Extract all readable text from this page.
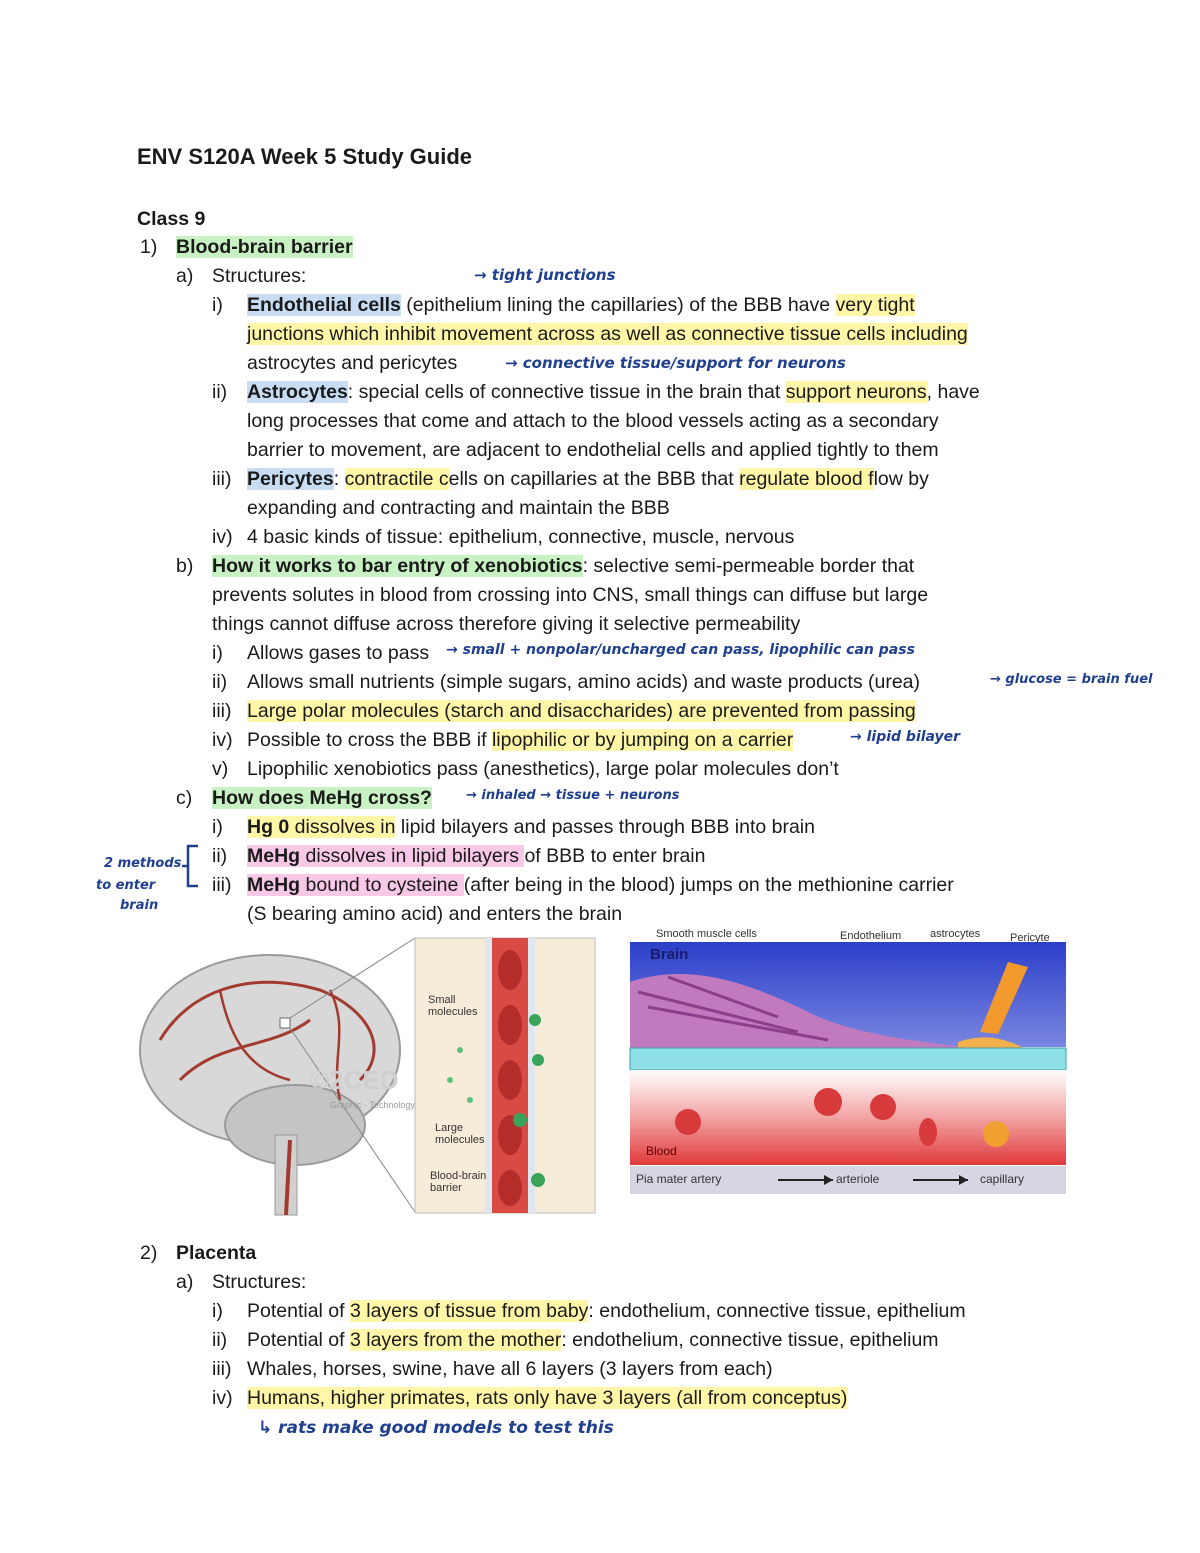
ENV S120A Week 5 Study Guide
Class 9
1) Blood-brain barrier
a) Structures:
i) Endothelial cells (epithelium lining the capillaries) of the BBB have very tight
junctions which inhibit movement across as well as connective tissue cells including
astrocytes and pericytes
ii) Astrocytes: special cells of connective tissue in the brain that support neurons, have
long processes that come and attach to the blood vessels acting as a secondary
barrier to movement, are adjacent to endothelial cells and applied tightly to them
iii) Pericytes: contractile cells on capillaries at the BBB that regulate blood flow by
expanding and contracting and maintain the BBB
iv) 4 basic kinds of tissue: epithelium, connective, muscle, nervous
b) How it works to bar entry of xenobiotics: selective semi-permeable border that
prevents solutes in blood from crossing into CNS, small things can diffuse but large
things cannot diffuse across therefore giving it selective permeability
i) Allows gases to pass
ii) Allows small nutrients (simple sugars, amino acids) and waste products (urea)
iii) Large polar molecules (starch and disaccharides) are prevented from passing
iv) Possible to cross the BBB if lipophilic or by jumping on a carrier
v) Lipophilic xenobiotics pass (anesthetics), large polar molecules don’t
c) How does MeHg cross?
i) Hg 0 dissolves in lipid bilayers and passes through BBB into brain
ii) MeHg dissolves in lipid bilayers of BBB to enter brain
iii) MeHg bound to cysteine (after being in the blood) jumps on the methionine carrier
(S bearing amino acid) and enters the brain
→ tight junctions
→ connective tissue/support for neurons
→ small + nonpolar/uncharged can pass, lipophilic can pass
→ glucose = brain fuel
→ lipid bilayer
→ inhaled → tissue + neurons
2 methods
to enter
brain
Small molecules
Large molecules
Blood-brain barrier
©2CED
Graphic · Technology
Smooth muscle cells
Brain
Endothelium	astrocytes	Pericyte
Blood
Pia mater artery	arteriole	capillary
2) Placenta
a) Structures:
i) Potential of 3 layers of tissue from baby: endothelium, connective tissue, epithelium
ii) Potential of 3 layers from the mother: endothelium, connective tissue, epithelium
iii) Whales, horses, swine, have all 6 layers (3 layers from each)
iv) Humans, higher primates, rats only have 3 layers (all from conceptus)
↳ rats make good models to test this
